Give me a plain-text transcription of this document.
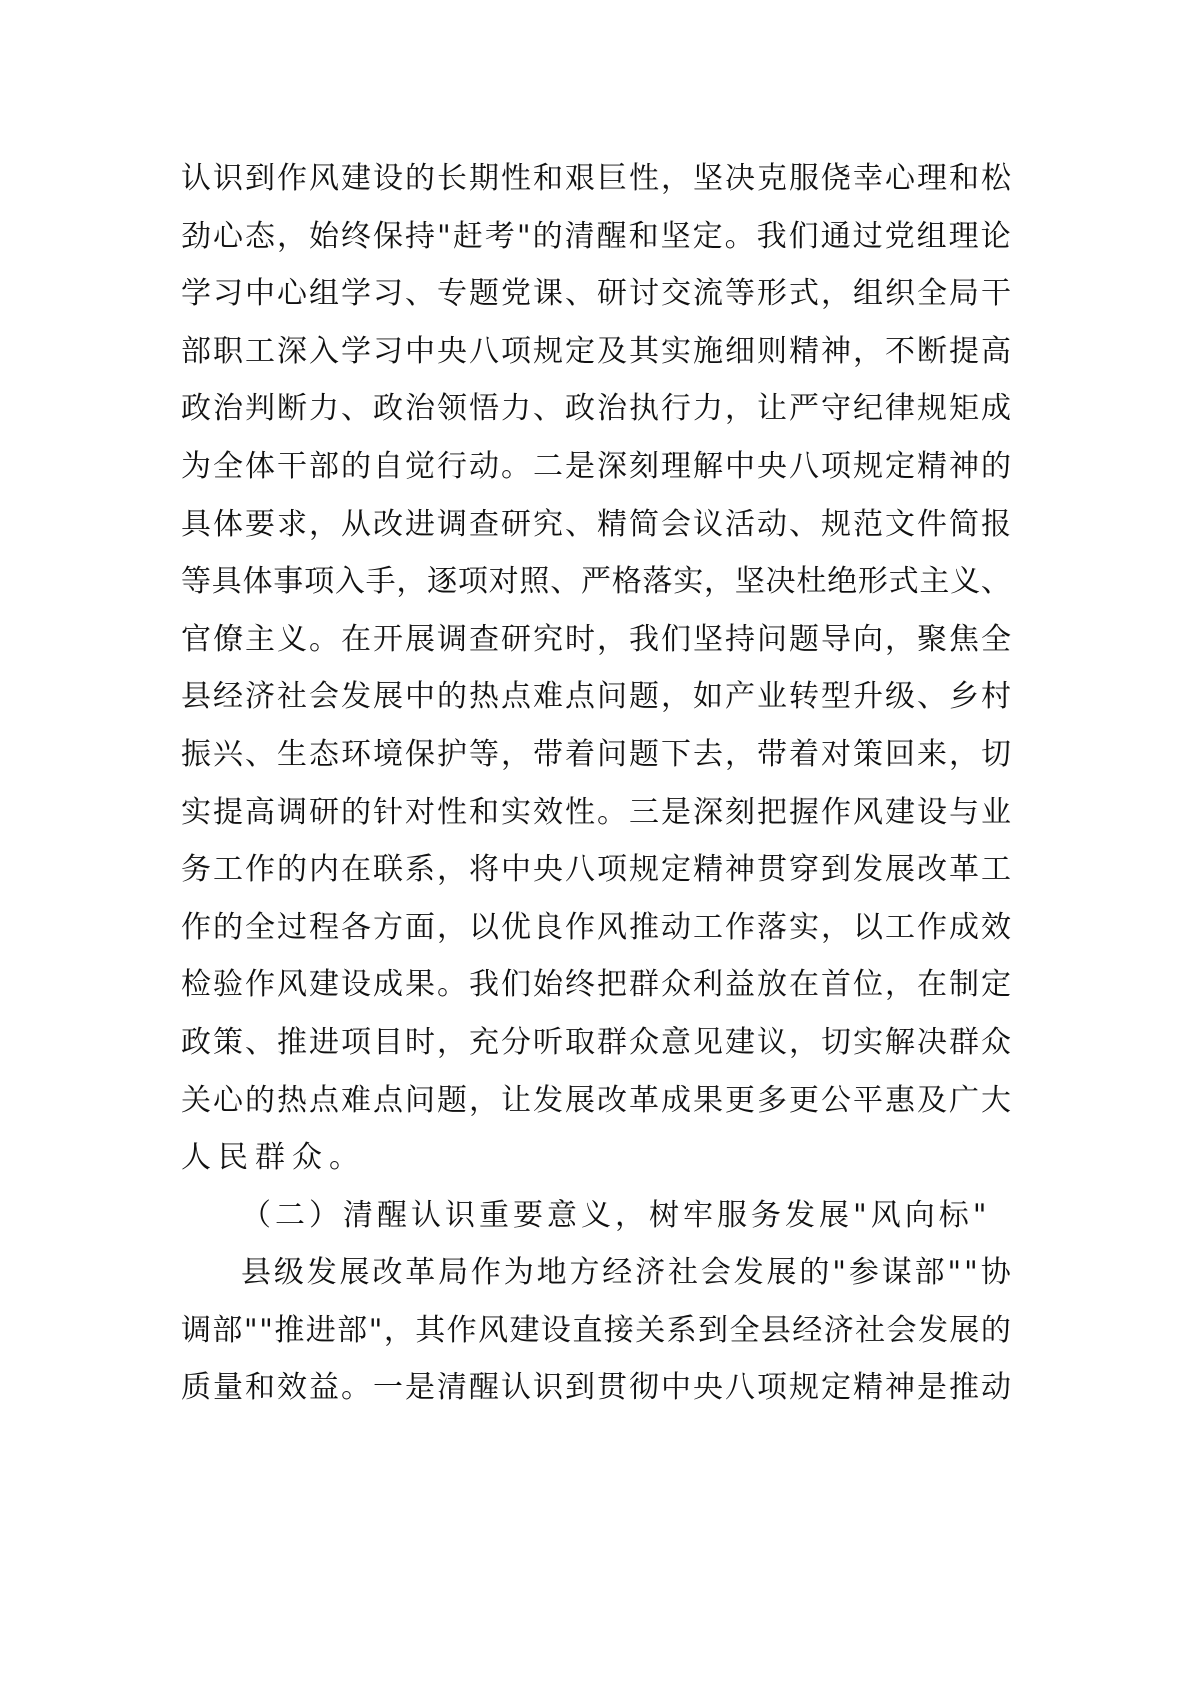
认 识 到 作 风 建 设 的 长 期 性 和 艰 巨 性 ， 坚 决 克 服 侥 幸 心 理 和 松
劲 心 态 ， 始 终 保 持 " 赶 考 " 的 清 醒 和 坚 定 。 我 们 通 过 党 组 理 论
学 习 中 心 组 学 习 、 专 题 党 课 、 研 讨 交 流 等 形 式 ， 组 织 全 局 干
部 职 工 深 入 学 习 中 央 八 项 规 定 及 其 实 施 细 则 精 神 ， 不 断 提 高
政 治 判 断 力 、 政 治 领 悟 力 、 政 治 执 行 力 ， 让 严 守 纪 律 规 矩 成
为 全 体 干 部 的 自 觉 行 动 。 二 是 深 刻 理 解 中 央 八 项 规 定 精 神 的
具 体 要 求 ， 从 改 进 调 查 研 究 、 精 简 会 议 活 动 、 规 范 文 件 简 报
等 具 体 事 项 入 手 ， 逐 项 对 照 、 严 格 落 实 ， 坚 决 杜 绝 形 式 主 义 、
官 僚 主 义 。 在 开 展 调 查 研 究 时 ， 我 们 坚 持 问 题 导 向 ， 聚 焦 全
县 经 济 社 会 发 展 中 的 热 点 难 点 问 题 ， 如 产 业 转 型 升 级 、 乡 村
振 兴 、 生 态 环 境 保 护 等 ， 带 着 问 题 下 去 ， 带 着 对 策 回 来 ， 切
实 提 高 调 研 的 针 对 性 和 实 效 性 。 三 是 深 刻 把 握 作 风 建 设 与 业
务 工 作 的 内 在 联 系 ， 将 中 央 八 项 规 定 精 神 贯 穿 到 发 展 改 革 工
作 的 全 过 程 各 方 面 ， 以 优 良 作 风 推 动 工 作 落 实 ， 以 工 作 成 效
检 验 作 风 建 设 成 果 。 我 们 始 终 把 群 众 利 益 放 在 首 位 ， 在 制 定
政 策 、 推 进 项 目 时 ， 充 分 听 取 群 众 意 见 建 议 ， 切 实 解 决 群 众
关 心 的 热 点 难 点 问 题 ， 让 发 展 改 革 成 果 更 多 更 公 平 惠 及 广 大
人民群众。
（二）清醒认识重要意义，树牢服务发展"风向标"
县 级 发 展 改 革 局 作 为 地 方 经 济 社 会 发 展 的 " 参 谋 部 " " 协
调 部 " " 推 进 部 " ， 其 作 风 建 设 直 接 关 系 到 全 县 经 济 社 会 发 展 的
质 量 和 效 益 。 一 是 清 醒 认 识 到 贯 彻 中 央 八 项 规 定 精 神 是 推 动
